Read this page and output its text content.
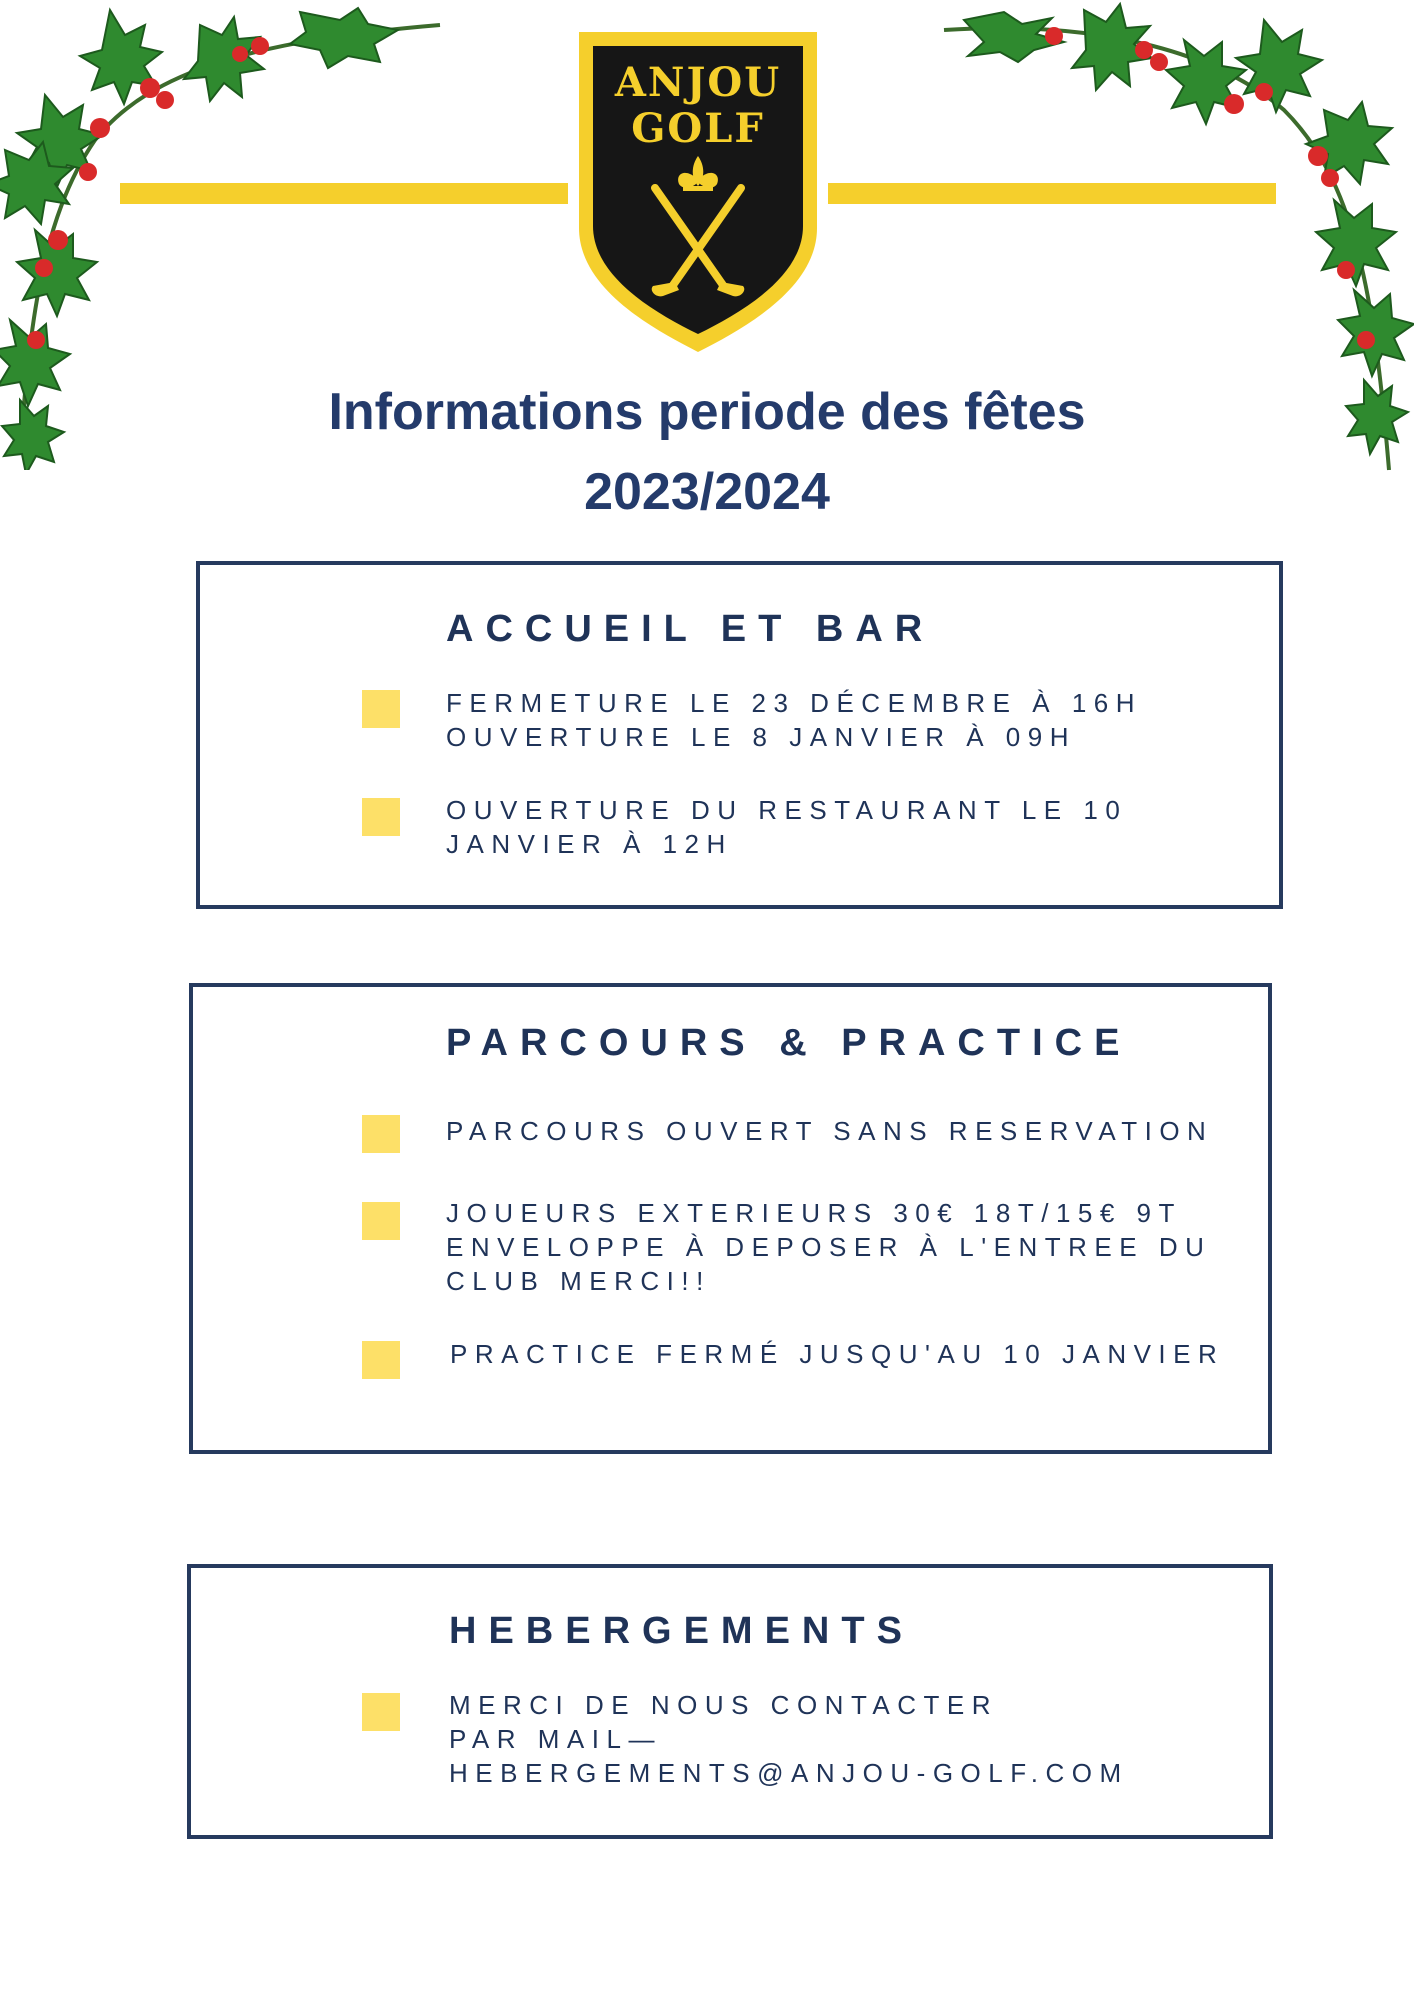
ANJOU
GOLF
Informations periode des fêtes
2023/2024
ACCUEIL ET BAR

FERMETURE LE 23 DÉCEMBRE À 16H
OUVERTURE LE 8 JANVIER À 09H

OUVERTURE DU RESTAURANT LE 10
JANVIER À 12H

PARCOURS & PRACTICE

PARCOURS OUVERT SANS RESERVATION

JOUEURS EXTERIEURS 30€ 18T/15€ 9T
ENVELOPPE À DEPOSER À L'ENTREE DU
CLUB MERCI!!

PRACTICE FERMÉ JUSQU'AU 10 JANVIER

HEBERGEMENTS

MERCI DE NOUS CONTACTER
PAR MAIL—
HEBERGEMENTS@ANJOU-GOLF.COM
